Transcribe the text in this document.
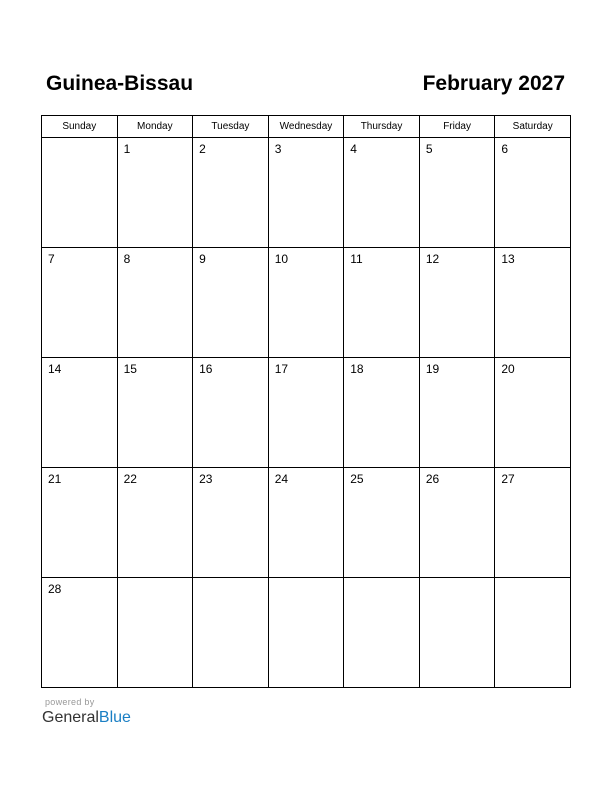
Guinea-Bissau	February 2027
Sunday	Monday	Tuesday	Wednesday	Thursday	Friday	Saturday

	1	2	3	4	5	6

7	8	9	10	11	12	13

14	15	16	17	18	19	20

21	22	23	24	25	26	27

28						

powered by
GeneralBlue
